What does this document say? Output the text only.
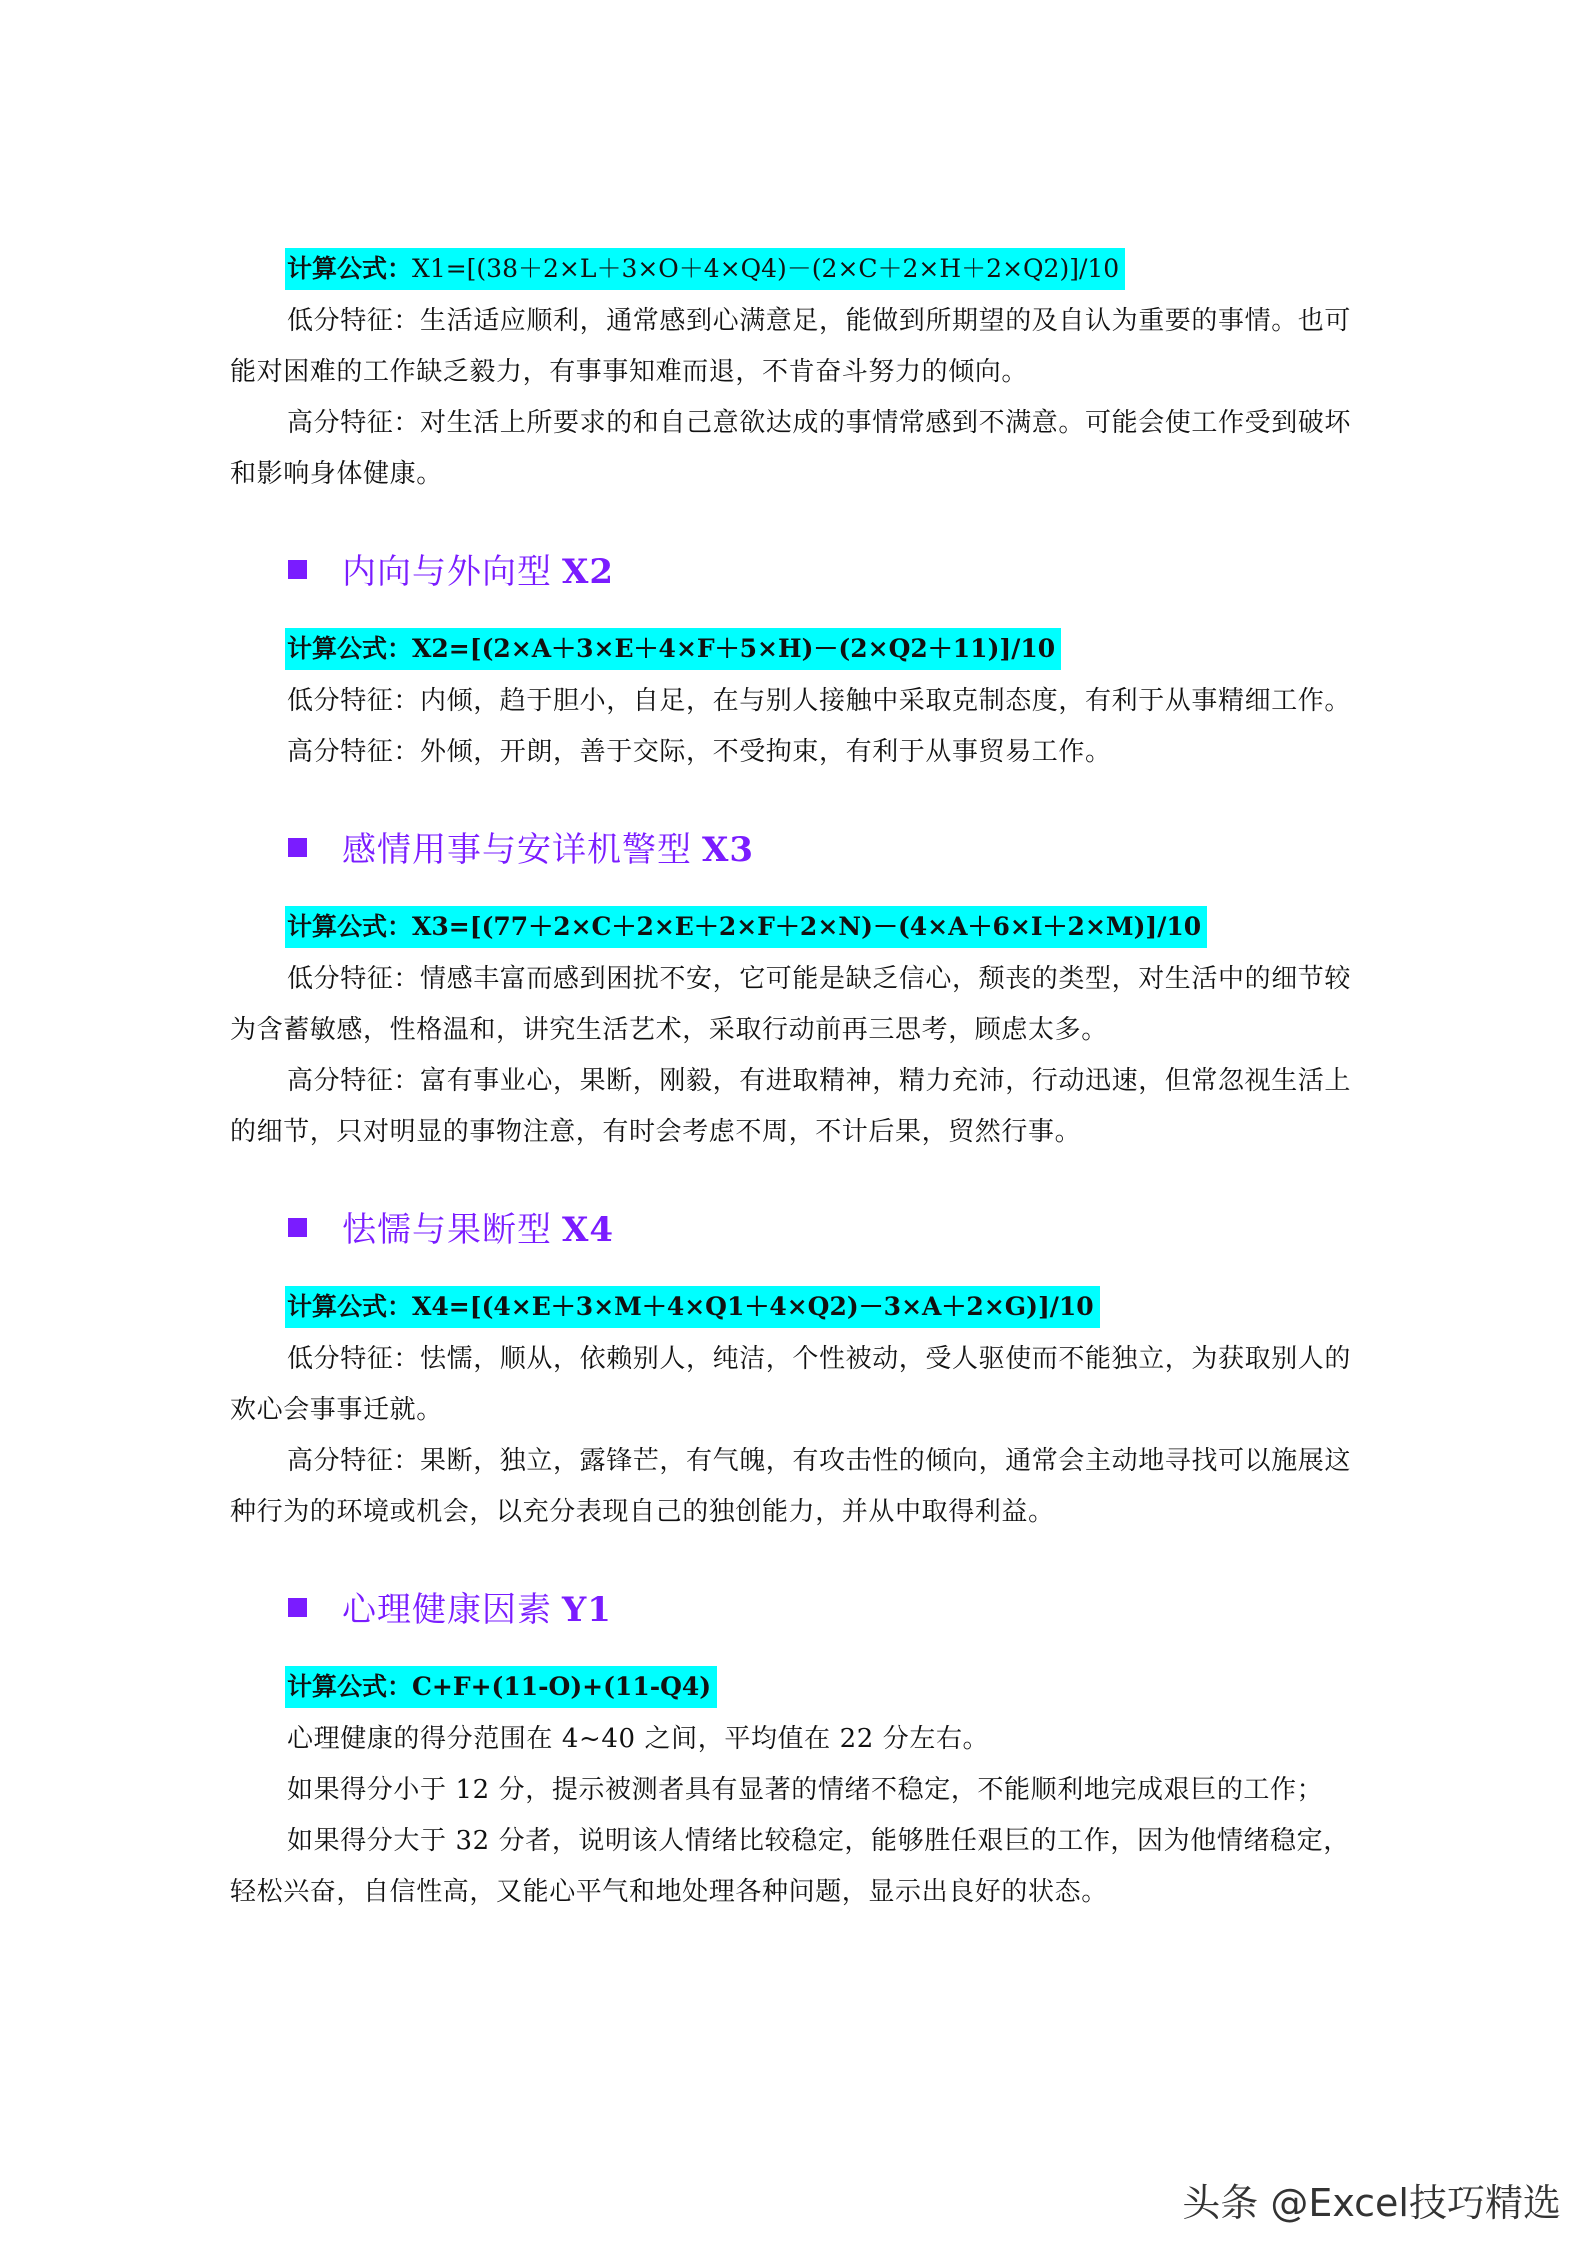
计算公式：X1=[(38＋2×L＋3×O＋4×Q4)－(2×C＋2×H＋2×Q2)]/10

低分特征：生活适应顺利，通常感到心满意足，能做到所期望的及自认为重要的事情。也可能对困难的工作缺乏毅力，有事事知难而退，不肯奋斗努力的倾向。

高分特征：对生活上所要求的和自己意欲达成的事情常感到不满意。可能会使工作受到破坏和影响身体健康。

内向与外向型 X2
计算公式：X2=[(2×A＋3×E＋4×F＋5×H)－(2×Q2＋11)]/10

低分特征：内倾，趋于胆小，自足，在与别人接触中采取克制态度，有利于从事精细工作。

高分特征：外倾，开朗，善于交际，不受拘束，有利于从事贸易工作。

感情用事与安详机警型 X3
计算公式：X3=[(77＋2×C＋2×E＋2×F＋2×N)－(4×A＋6×I＋2×M)]/10

低分特征：情感丰富而感到困扰不安，它可能是缺乏信心，颓丧的类型，对生活中的细节较为含蓄敏感，性格温和，讲究生活艺术，采取行动前再三思考，顾虑太多。

高分特征：富有事业心，果断，刚毅，有进取精神，精力充沛，行动迅速，但常忽视生活上的细节，只对明显的事物注意，有时会考虑不周，不计后果，贸然行事。

怯懦与果断型 X4
计算公式：X4=[(4×E＋3×M＋4×Q1＋4×Q2)－3×A＋2×G)]/10

低分特征：怯懦，顺从，依赖别人，纯洁，个性被动，受人驱使而不能独立，为获取别人的欢心会事事迁就。

高分特征：果断，独立，露锋芒，有气魄，有攻击性的倾向，通常会主动地寻找可以施展这种行为的环境或机会，以充分表现自己的独创能力，并从中取得利益。

心理健康因素 Y1
计算公式：C+F+(11-O)+(11-Q4)

心理健康的得分范围在 4~40 之间，平均值在 22 分左右。

如果得分小于 12 分，提示被测者具有显著的情绪不稳定，不能顺利地完成艰巨的工作；

如果得分大于 32 分者，说明该人情绪比较稳定，能够胜任艰巨的工作，因为他情绪稳定，轻松兴奋，自信性高，又能心平气和地处理各种问题，显示出良好的状态。

头条 @Excel技巧精选
